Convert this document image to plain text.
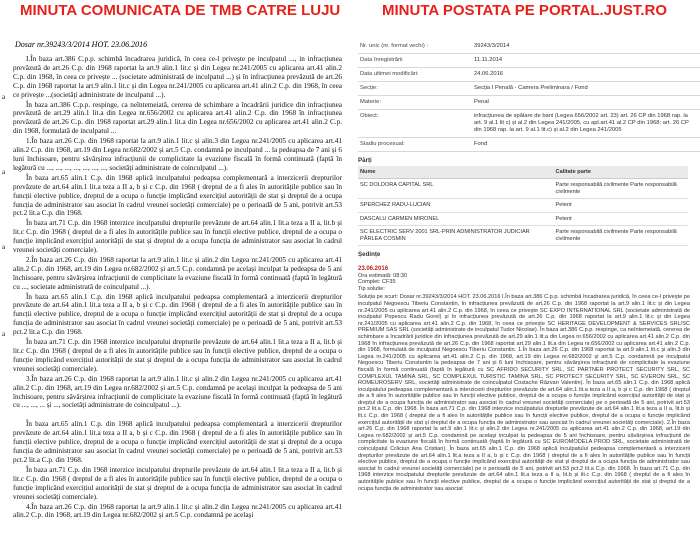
MINUTA COMUNICATA DE TMB CATRE LUJU	MINUTA POSTATA PE PORTAL.JUST.RO
Dosar nr.39243/3/2014 HOT. 23.06.2016

I.În baza art.386 C.p.p. schimbă încadrarea juridică, în ceea ce-l privește pe inculpatul ..., in infracțiunea prevăzută de art.26 C.p. din 1968 raportat la art.9 alin.1 lit.c și din Legea nr.241/2005 cu aplicarea art.41 alin.2 C.p. din 1968, în ceea ce privește ... (societate administrată de inculpatul ...) și în infracțiunea prevăzută de art.26 C.p. din 1968 raportat la art.9 alin.1 lit.c și din Legea nr.241/2005 cu aplicarea art.41 alin.2 C.p. din 1968, în ceea ce privește ...(societăți administrate de inculpatul ...).

În baza art.386 C.p.p. respinge, ca neîntemeiată, cererea de schimbare a încadrării juridice din infracțiunea prevăzută de art.29 alin.1 lit.a din Legea nr.656/2002 cu aplicarea art.41 alin.2 C.p. din 1968 în infracțiunea prevăzută de art.26 C.p. din 1968 raportat art.29 alin.1 lit.a din Legea nr.656/2002 cu aplicarea art.41 alin.2 C.p. din 1968, formulată de inculpatul ...

1.În baza art.26 C.p. din 1968 raportat la art.9 alin.1 lit.c și alin.3 din Legea nr.241/2005 cu aplicarea art.41 alin.2 C.p. din 1968, art.19 din Legea nr.682/2002 și art.5 C.p. condamnă pe inculpatul ... la pedeapsa de 7 ani și 6 luni închisoare, pentru săvârșirea infracțiunii de complicitate la evaziune fiscală în formă continuată (faptă în legătură cu ..., ..., ..., ..., ..., ..., ..., societăți administrate de coinculpatul ...).

În baza art.65 alin.1 C.p. din 1968 aplică inculpatului pedeapsa complementară a interzicerii drepturilor prevăzute de art.64 alin.1 lit.a teza a II a, b și c C.p. din 1968 ( dreptul de a fi ales în autoritățile publice sau în funcții elective publice, dreptul de a ocupa o funcție implicând exercițiul autorității de stat și dreptul de a ocupa funcția de administrator sau asociat în cadrul vreunei societăți comerciale) pe o perioadă de 5 ani, potrivit art.53 pct.2 lit.a C.p. din 1968.

În baza art.71 C.p. din 1968 interzice inculpatului drepturile prevăzute de art.64 alin.1 lit.a teza a II a, lit.b și lit.c C.p. din 1968 ( dreptul de a fi ales în autoritățile publice sau în funcții elective publice, dreptul de a ocupa o funcție implicând exercițiul autorității de stat și dreptul de a ocupa funcția de administrator sau asociat în cadrul vreunei societăți comerciale).

2.În baza art.26 C.p. din 1968 raportat la art.9 alin.1 lit.c și alin.2 din Legea nr.241/2005 cu aplicarea art.41 alin.2 C.p. din 1968, art.19 din Legea nr.682/2002 și art.5 C.p. condamnă pe același inculpat la pedeapsa de 5 ani închisoare, pentru săvârșirea infracțiunii de complicitate la evaziune fiscală în formă continuată (faptă în legătură cu ..., societate administrată de coinculpatul ...).

În baza art.65 alin.1 C.p. din 1968 aplică inculpatului pedeapsa complementară a interzicerii drepturilor prevăzute de art.64 alin.1 lit.a teza a II a, b și c C.p. din 1968 ( dreptul de a fi ales în autoritățile publice sau în funcții elective publice, dreptul de a ocupa o funcție implicând exercițiul autorității de stat și dreptul de a ocupa funcția de administrator sau asociat în cadrul vreunei societăți comerciale) pe o perioadă de 5 ani, potrivit art.53 pct.2 lit.a C.p. din 1968.

În baza art.71 C.p. din 1968 interzice inculpatului drepturile prevăzute de art.64 alin.1 lit.a teza a II a, lit.b și lit.c C.p. din 1968 ( dreptul de a fi ales în autoritățile publice sau în funcții elective publice, dreptul de a ocupa o funcție implicând exercițiul autorității de stat și dreptul de a ocupa funcția de administrator sau asociat în cadrul vreunei societăți comerciale).

3.În baza art.26 C.p. din 1968 raportat la art.9 alin.1 lit.c și alin.2 din Legea nr.241/2005 cu aplicarea art.41 alin.2 C.p. din 1968, art.19 din Legea nr.682/2002 și art.5 C.p. condamnă pe acelaşi inculpat la pedeapsa de 5 ani închisoare, pentru săvârșirea infracțiunii de complicitate la evaziune fiscală în formă continuată (faptă în legătură cu ..., ..., ... și ..., societăți administrate de coinculpatul ...).

În baza art.65 alin.1 C.p. din 1968 aplică inculpatului pedeapsa complementară a interzicerii drepturilor prevăzute de art.64 alin.1 lit.a teza a II a, b și c C.p. din 1968 ( dreptul de a fi ales în autoritățile publice sau în funcții elective publice, dreptul de a ocupa o funcție implicând exercițiul autorității de stat și dreptul de a ocupa funcția de administrator sau asociat în cadrul vreunei societăți comerciale) pe o perioadă de 5 ani, potrivit art.53 pct.2 lit.a C.p. din 1968.

În baza art.71 C.p. din 1968 interzice inculpatului drepturile prevăzute de art.64 alin.1 lit.a teza a II a, lit.b și lit.c C.p. din 1968 ( dreptul de a fi ales în autoritățile publice sau în funcții elective publice, dreptul de a ocupa o funcție implicând exercițiul autorității de stat și dreptul de a ocupa funcția de administrator sau asociat în cadrul vreunei societăți comerciale).

4.În baza art.26 C.p. din 1968 raportat la art.9 alin.1 lit.c și alin.2 din Legea nr.241/2005 cu aplicarea art.41 alin.2 C.p. din 1968, art.19 din Legea nr.682/2002 și art.5 C.p. condamnă pe acelaşi

a
a
a
a
Nr. unic (nr. format vechi) :	39243/3/2014
Data înregistrării	11.11.2014
Data ultimei modificări:	24.06.2016
Secție:	Secția I Penală - Camera Preliminara / Fond
Materie:	Penal
Obiect:	infracțiunea de spălare de bani (Legea 656/2002 art. 23) art. 26 CP din 1968 rap. la art. 9 al.1 lit c) și al.2 din Legea 241/2005, cu apl.art.41 al.2 CP din 1968; art. 26 CP din 1968 rap. la art. 9 al.1 lit.c) și al.2 din Legea 241/2005
Stadiu procesual:	Fond
Părți
Nume	Calitate parte
SC DOLDORA CAPITAL SRL	Parte responsabilă civilmente Parte responsabilă civilmente
SPERCHEZ RADU-LUCIAN	Petent
DASCALU CARMEN MIRONEL	Petent
SC ELECTRIC SERV 2001 SRL-PRIN ADMINISTRATOR JUDICIAR PÂRLEA COSMIN	Parte responsabilă civilmente Parte responsabilă civilmente
Ședințe
23.06.2016
Ora estimată: 08:30
Complet: CF35
Tip solutie:
Soluția pe scurt: Dosar nr.39243/3/2014 HOT. 23.06.2016 I.În baza art.386 C.p.p. schimbă încadrarea juridică, în ceea ce-l privește pe inculpatul Negoescu Tiberiu Constantin, în infracțiunea prevăzută de art.26 C.p. din 1968 raportat la art.9 alin.1 lit.c și din Legea nr.241/2005 cu aplicarea art.41 alin.2 C.p. din 1968, în ceea ce privește SC EXPO INTERNATIONAL SRL (societate administrată de inculpatul Popescu Radu Gorel) și în infracțiunea prevăzută de art.26 C.p. din 1968 raportat la art.9 alin.1 lit.c și din Legea nr.241/2005 cu aplicarea art.41 alin.2 C.p. din 1968, în ceea ce privește SC HERITAGE DEVELOPMENT & SERVICES SRL/SC PREMIUM SAS SRL (societăți administrate de inculpatul Tudor Nicolae). În baza art.386 C.p.p. respinge, ca neîntemeiată, cererea de schimbare a încadrării juridice din infracțiunea prevăzută de art.29 alin.1 lit.a din Legea nr.656/2002 cu aplicarea art.41 alin.2 C.p. din 1968 în infracțiunea prevăzută de art.26 C.p. din 1968 raportat art.29 alin.1 lit.a din Legea nr.656/2002 cu aplicarea art.41 alin.2 C.p. din 1968, formulată de inculpatul Negoescu Tiberiu Constantin. 1.În baza art.26 C.p. din 1968 raportat la art.9 alin.1 lit.c și alin.3 din Legea nr.241/2005 cu aplicarea art.41 alin.2 C.p. din 1968, art.19 din Legea nr.682/2002 și art.5 C.p. condamnă pe inculpatul Negoescu Tiberiu Constantin la pedeapsa de 7 ani și 6 luni închisoare, pentru săvârșirea infracțiunii de complicitate la evaziune fiscală în formă continuată (faptă în legătură cu SC AFRIDO SECURITY SRL, SC PARTNER PROTECT SECURITY SRL, SC COMPLEXUL TAMINA SRL, SC COMPLEXUL TURISTIC TAMINA SRL, SC PROTECT SECURITY SRL, SC EVERON SRL, SC ROMEUROSERV SRL, societăți administrate de coinculpatul Costache Răzvan Valentin). În baza art.65 alin.1 C.p. din 1968 aplică inculpatului pedeapsa complementară a interzicerii drepturilor prevăzute de art.64 alin.1 lit.a teza a II a, b și c C.p. din 1968 ( dreptul de a fi ales în autoritățile publice sau în funcții elective publice, dreptul de a ocupa o funcție implicând exercițiul autorității de stat și dreptul de a ocupa funcția de administrator sau asociat în cadrul vreunei societăți comerciale) pe o perioadă de 5 ani, potrivit art.53 pct.2 lit.a C.p. din 1968. În baza art.71 C.p. din 1968 interzice inculpatului drepturile prevăzute de art.64 alin.1 lit.a teza a II a, lit.b și lit.c C.p. din 1968 ( dreptul de a fi ales în autoritățile publice sau în funcții elective publice, dreptul de a ocupa o funcție implicând exercițiul autorității de stat și dreptul de a ocupa funcția de administrator sau asociat în cadrul vreunei societăți comerciale). 2.În baza art.26 C.p. din 1968 raportat la art.9 alin.1 lit.c și alin.2 din Legea nr.241/2005 cu aplicarea art.41 alin.2 C.p. din 1968, art.19 din Legea nr.682/2002 și art.5 C.p. condamnă pe acelaşi inculpat la pedeapsa de 5 ani închisoare, pentru săvârșirea infracțiunii de complicitate la evaziune fiscală în formă continuată (faptă în legătură cu SC EUROMODELA PROD SRL, societate administrată de coinculpatul Crăciun Ana Cristian). În baza art.65 alin.1 C.p. din 1968 aplică inculpatului pedeapsa complementară a interzicerii drepturilor prevăzute de art.64 alin.1 lit.a teza a II a, b și c C.p. din 1968 ( dreptul de a fi ales în autoritățile publice sau în funcții elective publice, dreptul de a ocupa o funcție implicând exercițiul autorității de stat și dreptul de a ocupa funcția de administrator sau asociat în cadrul vreunei societăți comerciale) pe o perioadă de 5 ani, potrivit art.53 pct.2 lit.a C.p. din 1968. În baza art.71 C.p. din 1968 interzice inculpatului drepturile prevăzute de art.64 alin.1 lit.a teza a II a, lit.b și lit.c C.p. din 1968 ( dreptul de a fi ales în autoritățile publice sau în funcții elective publice, dreptul de a ocupa o funcție implicând exercițiul autorității de stat și dreptul de a ocupa funcția de administrator sau asociat
